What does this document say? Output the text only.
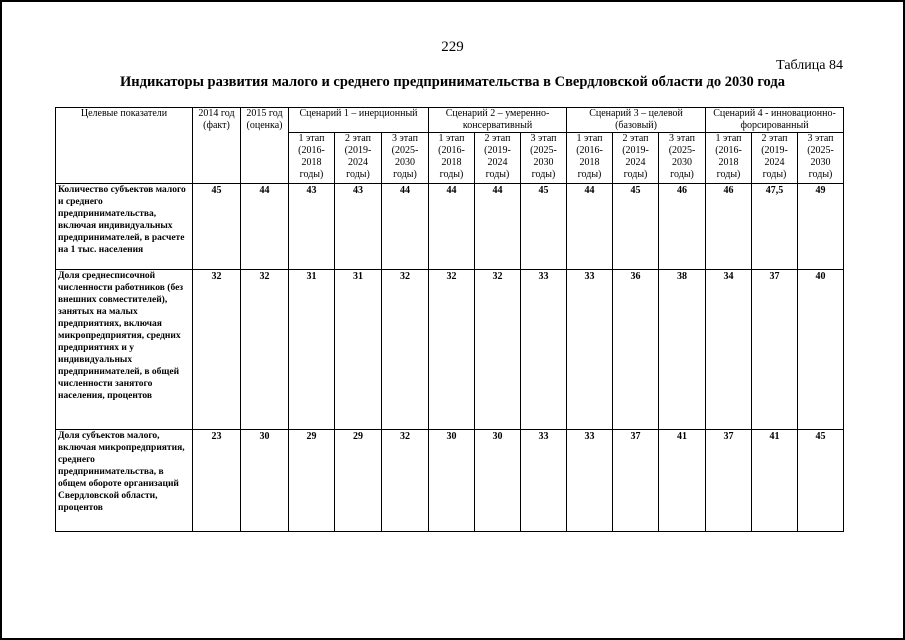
229
Таблица 84
Индикаторы развития малого и среднего предпринимательства в Свердловской области до 2030 года
Целевые показатели	2014 год (факт)	2015 год (оценка)	Сценарий 1 – инерционный			Сценарий 2 – умеренно-консервативный			Сценарий 3 – целевой (базовый)			Сценарий 4 - инновационно-форсированный		
			1 этап (2016-2018 годы)	2 этап (2019-2024 годы)	3 этап (2025-2030 годы)	1 этап (2016-2018 годы)	2 этап (2019-2024 годы)	3 этап (2025-2030 годы)	1 этап (2016-2018 годы)	2 этап (2019-2024 годы)	3 этап (2025-2030 годы)	1 этап (2016-2018 годы)	2 этап (2019-2024 годы)	3 этап (2025-2030 годы)
Количество субъектов малого и среднего предпринимательства, включая индивидуальных предпринимателей, в расчете на 1 тыс. населения	45	44	43	43	44	44	44	45	44	45	46	46	47,5	49
Доля среднесписочной численности работников (без внешних совместителей), занятых на малых предприятиях, включая микропредприятия, средних предприятиях и у индивидуальных предпринимателей, в общей численности занятого населения, процентов	32	32	31	31	32	32	32	33	33	36	38	34	37	40
Доля субъектов малого, включая микропредприятия, среднего предпринимательства, в общем обороте организаций Свердловской области, процентов	23	30	29	29	32	30	30	33	33	37	41	37	41	45
